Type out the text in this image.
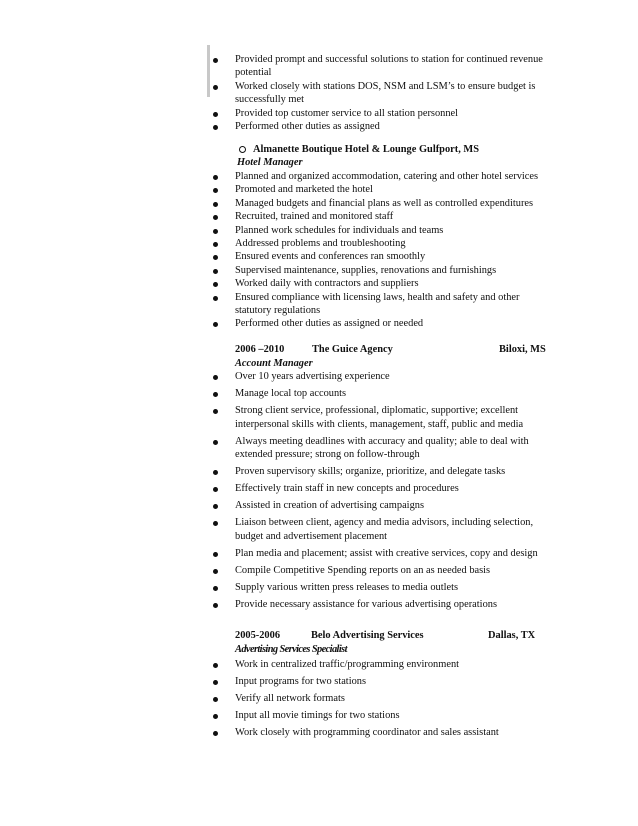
Provided prompt and successful solutions to station for continued revenue potential
Worked closely with stations DOS, NSM and LSM’s to ensure budget is successfully met
Provided top customer service to all station personnel
Performed other duties as assigned
Almanette Boutique Hotel & Lounge Gulfport, MS
Hotel Manager
Planned and organized accommodation, catering and other hotel services
Promoted and marketed the hotel
Managed budgets and financial plans as well as controlled expenditures
Recruited, trained and monitored staff
Planned work schedules for individuals and teams
Addressed problems and troubleshooting
Ensured events and conferences ran smoothly
Supervised maintenance, supplies, renovations and furnishings
Worked daily with contractors and suppliers
Ensured compliance with licensing laws, health and safety and other statutory regulations
Performed other duties as assigned or needed
2006 –2010	The Guice Agency	Biloxi, MS
Account Manager
Over 10 years advertising experience
Manage local top accounts
Strong client service, professional, diplomatic, supportive; excellent interpersonal skills with clients, management, staff, public and media
Always meeting deadlines with accuracy and quality; able to deal with extended pressure; strong on follow-through
Proven supervisory skills; organize, prioritize, and delegate tasks
Effectively train staff in new concepts and procedures
Assisted in creation of advertising campaigns
Liaison between client, agency and media advisors, including selection, budget and advertisement placement
Plan media and placement; assist with creative services, copy and design
Compile Competitive Spending reports on an as needed basis
Supply various written press releases to media outlets
Provide necessary assistance for various advertising operations
2005-2006	Belo Advertising Services	Dallas, TX
Advertising Services Specialist
Work in centralized traffic/programming environment
Input programs for two stations
Verify all network formats
Input all movie timings for two stations
Work closely with programming coordinator and sales assistant
